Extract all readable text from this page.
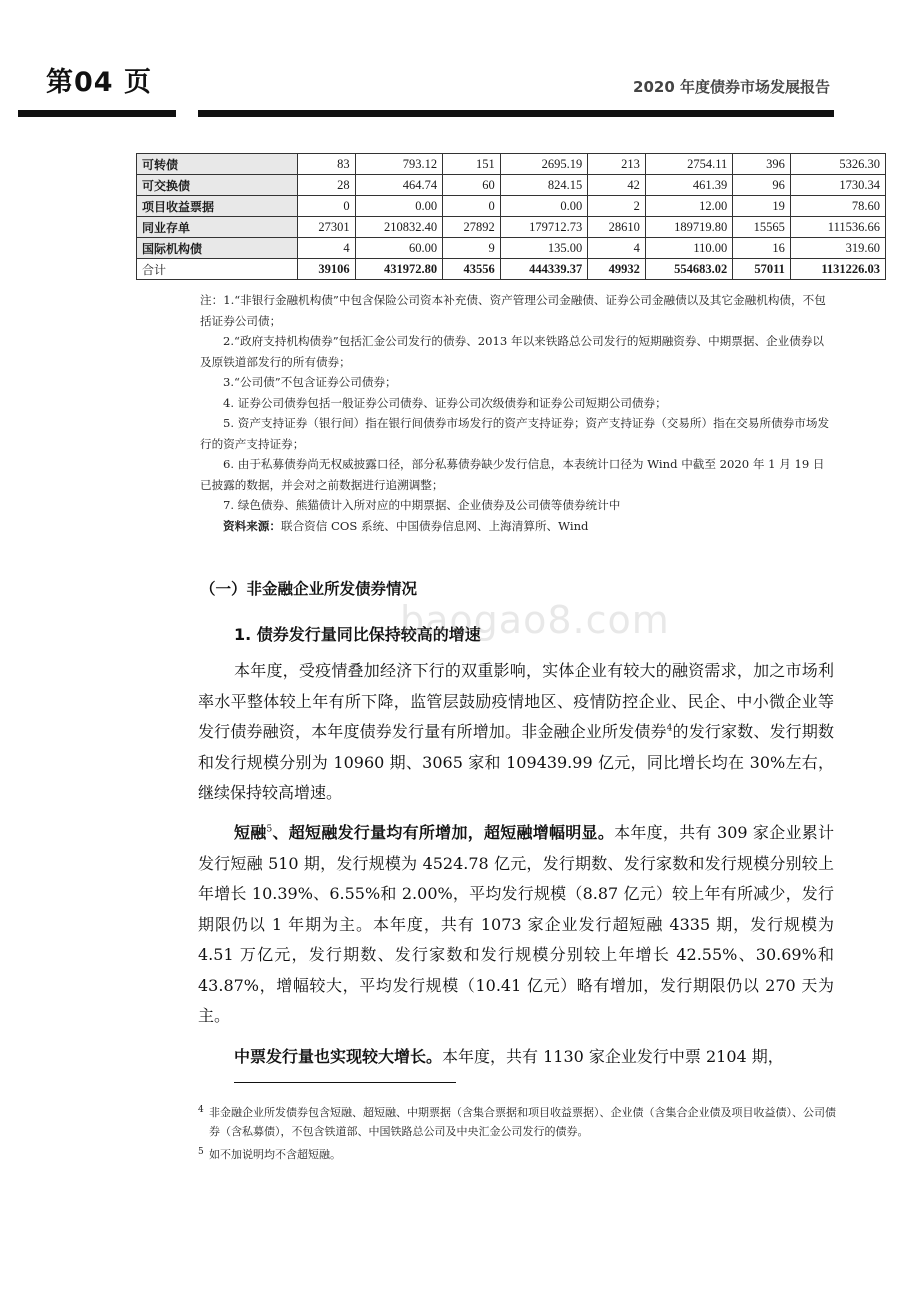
第04 页	2020 年度债券市场发展报告
可转债	83	793.12	151	2695.19	213	2754.11	396	5326.30
可交换债	28	464.74	60	824.15	42	461.39	96	1730.34
项目收益票据	0	0.00	0	0.00	2	12.00	19	78.60
同业存单	27301	210832.40	27892	179712.73	28610	189719.80	15565	111536.66
国际机构债	4	60.00	9	135.00	4	110.00	16	319.60
合计	39106	431972.80	43556	444339.37	49932	554683.02	57011	1131226.03

注：1.“非银行金融机构债”中包含保险公司资本补充债、资产管理公司金融债、证券公司金融债以及其它金融机构债，不包括证券公司债；

2.“政府支持机构债券”包括汇金公司发行的债券、2013 年以来铁路总公司发行的短期融资券、中期票据、企业债券以及原铁道部发行的所有债券；

3.“公司债”不包含证券公司债券；

4. 证券公司债券包括一般证券公司债券、证券公司次级债券和证券公司短期公司债券；

5. 资产支持证券（银行间）指在银行间债券市场发行的资产支持证券；资产支持证券（交易所）指在交易所债券市场发行的资产支持证券；

6. 由于私募债券尚无权威披露口径，部分私募债券缺少发行信息，本表统计口径为 Wind 中截至 2020 年 1 月 19 日已披露的数据，并会对之前数据进行追溯调整；

7. 绿色债券、熊猫债计入所对应的中期票据、企业债券及公司债等债券统计中

资料来源：联合资信 COS 系统、中国债券信息网、上海清算所、Wind

（一）非金融企业所发债券情况
1. 债券发行量同比保持较高的增速
baogao8.com

本年度，受疫情叠加经济下行的双重影响，实体企业有较大的融资需求，加之市场利率水平整体较上年有所下降，监管层鼓励疫情地区、疫情防控企业、民企、中小微企业等发行债券融资，本年度债券发行量有所增加。非金融企业所发债券$^4$的发行家数、发行期数和发行规模分别为 10960 期、3065 家和 109439.99 亿元，同比增长均在 30%左右，继续保持较高增速。

短融$^5$、超短融发行量均有所增加，超短融增幅明显。本年度，共有 309 家企业累计发行短融 510 期，发行规模为 4524.78 亿元，发行期数、发行家数和发行规模分别较上年增长 10.39%、6.55%和 2.00%，平均发行规模（8.87 亿元）较上年有所减少，发行期限仍以 1 年期为主。本年度，共有 1073 家企业发行超短融 4335 期，发行规模为 4.51 万亿元，发行期数、发行家数和发行规模分别较上年增长 42.55%、30.69%和 43.87%，增幅较大，平均发行规模（10.41 亿元）略有增加，发行期限仍以 270 天为主。

中票发行量也实现较大增长。本年度，共有 1130 家企业发行中票 2104 期，

4 非金融企业所发债券包含短融、超短融、中期票据（含集合票据和项目收益票据）、企业债（含集合企业债及项目收益债）、公司债券（含私募债），不包含铁道部、中国铁路总公司及中央汇金公司发行的债券。
5 如不加说明均不含超短融。
